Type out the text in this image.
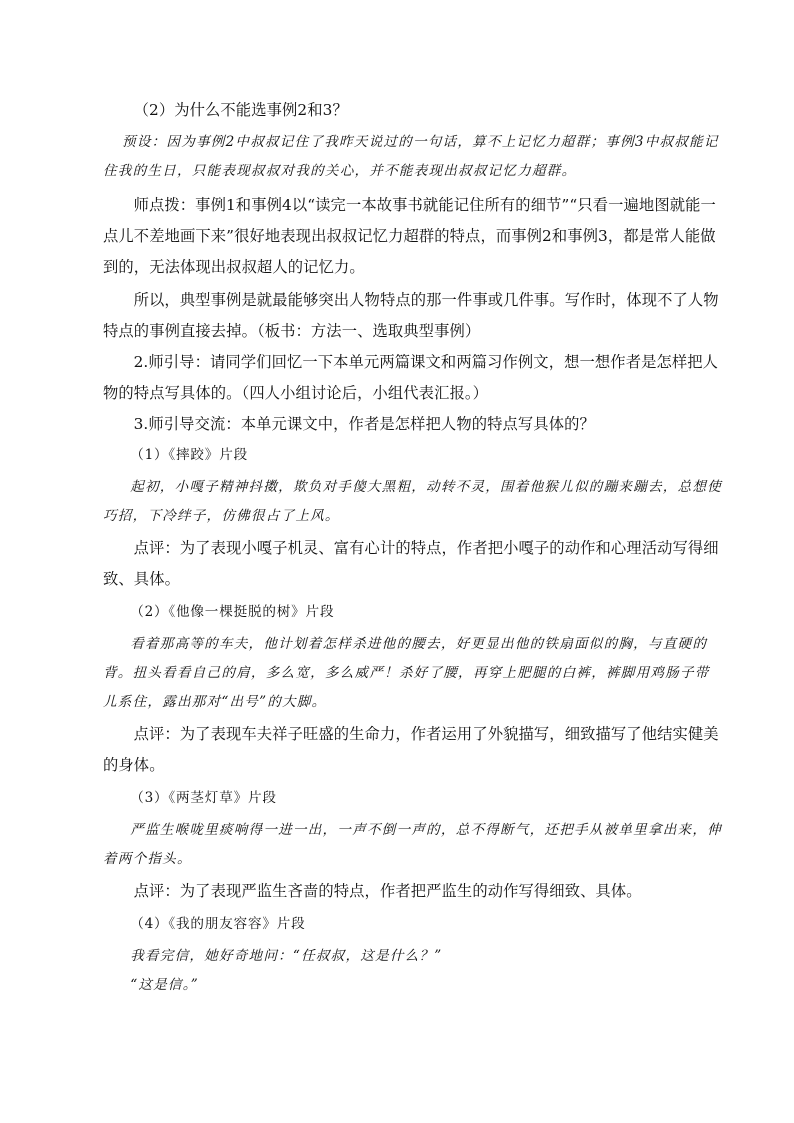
（2）为什么不能选事例2和3？

预设：因为事例2中叔叔记住了我昨天说过的一句话，算不上记忆力超群；事例3中叔叔能记住我的生日，只能表现叔叔对我的关心，并不能表现出叔叔记忆力超群。

师点拨：事例1和事例4以“读完一本故事书就能记住所有的细节”“只看一遍地图就能一点儿不差地画下来”很好地表现出叔叔记忆力超群的特点，而事例2和事例3，都是常人能做到的，无法体现出叔叔超人的记忆力。

所以，典型事例是就最能够突出人物特点的那一件事或几件事。写作时，体现不了人物特点的事例直接去掉。（板书：方法一、选取典型事例）

2.师引导：请同学们回忆一下本单元两篇课文和两篇习作例文，想一想作者是怎样把人物的特点写具体的。（四人小组讨论后，小组代表汇报。）

3.师引导交流：本单元课文中，作者是怎样把人物的特点写具体的？

（1）《摔跤》片段

起初，小嘎子精神抖擞，欺负对手傻大黑粗，动转不灵，围着他猴儿似的蹦来蹦去，总想使巧招，下冷绊子，仿佛很占了上风。

点评：为了表现小嘎子机灵、富有心计的特点，作者把小嘎子的动作和心理活动写得细致、具体。

（2）《他像一棵挺脱的树》片段

看着那高等的车夫，他计划着怎样杀进他的腰去，好更显出他的铁扇面似的胸，与直硬的背。扭头看看自己的肩，多么宽，多么威严！杀好了腰，再穿上肥腿的白裤，裤脚用鸡肠子带儿系住，露出那对“出号”的大脚。

点评：为了表现车夫祥子旺盛的生命力，作者运用了外貌描写，细致描写了他结实健美的身体。

（3）《两茎灯草》片段

严监生喉咙里痰响得一进一出，一声不倒一声的，总不得断气，还把手从被单里拿出来，伸着两个指头。

点评：为了表现严监生吝啬的特点，作者把严监生的动作写得细致、具体。

（4）《我的朋友容容》片段

我看完信，她好奇地问：“任叔叔，这是什么？”

“这是信。”
